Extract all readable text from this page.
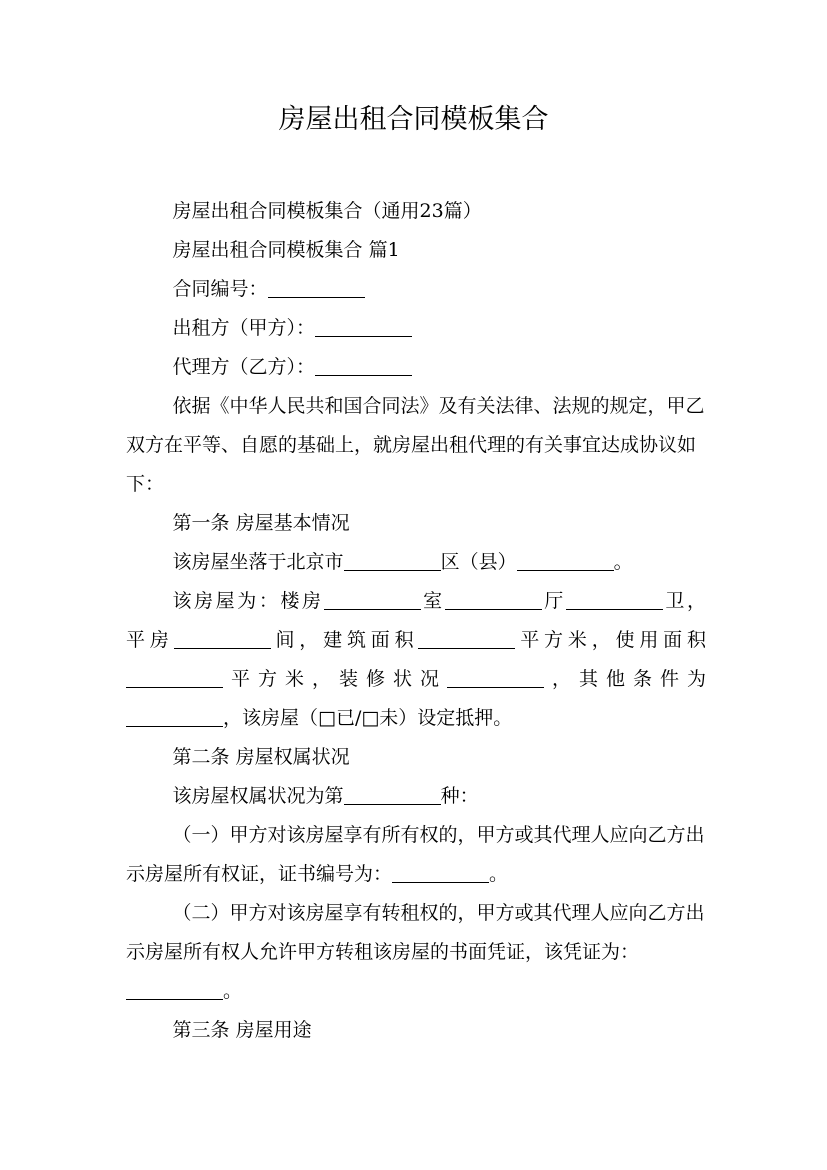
房屋出租合同模板集合

房屋出租合同模板集合（通用23篇）

房屋出租合同模板集合 篇1

合同编号：

出租方（甲方）：

代理方（乙方）：

依据《中华人民共和国合同法》及有关法律、法规的规定，甲乙双方在平等、自愿的基础上，就房屋出租代理的有关事宜达成协议如下：

第一条 房屋基本情况

该房屋坐落于北京市	区（县）	。

该房屋为：楼房	室	厅	卫，

平房	间，建筑面积	平方米，使用面积

平方米，装修状况	，其他条件为

，该房屋（□已/□未）设定抵押。

第二条 房屋权属状况

该房屋权属状况为第	种：

（一）甲方对该房屋享有所有权的，甲方或其代理人应向乙方出示房屋所有权证，证书编号为：	。

（二）甲方对该房屋享有转租权的，甲方或其代理人应向乙方出示房屋所有权人允许甲方转租该房屋的书面凭证，该凭证为：。

第三条 房屋用途
